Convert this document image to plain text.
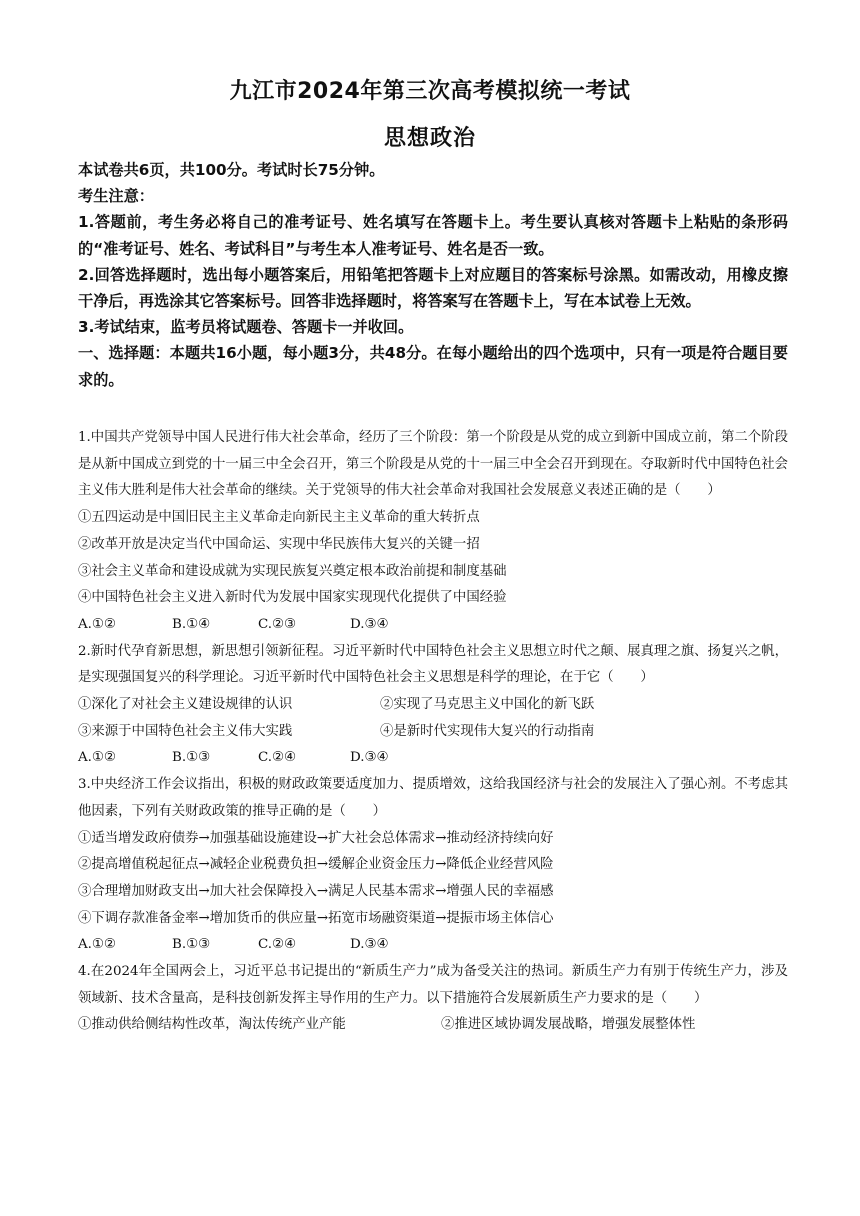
九江市2024年第三次高考模拟统一考试
思想政治

本试卷共6页，共100分。考试时长75分钟。

考生注意：

1.答题前，考生务必将自己的准考证号、姓名填写在答题卡上。考生要认真核对答题卡上粘贴的条形码的“准考证号、姓名、考试科目”与考生本人准考证号、姓名是否一致。

2.回答选择题时，选出每小题答案后，用铅笔把答题卡上对应题目的答案标号涂黑。如需改动，用橡皮擦干净后，再选涂其它答案标号。回答非选择题时，将答案写在答题卡上，写在本试卷上无效。

3.考试结束，监考员将试题卷、答题卡一并收回。

一、选择题：本题共16小题，每小题3分，共48分。在每小题给出的四个选项中，只有一项是符合题目要求的。

1.中国共产党领导中国人民进行伟大社会革命，经历了三个阶段：第一个阶段是从党的成立到新中国成立前，第二个阶段是从新中国成立到党的十一届三中全会召开，第三个阶段是从党的十一届三中全会召开到现在。夺取新时代中国特色社会主义伟大胜利是伟大社会革命的继续。关于党领导的伟大社会革命对我国社会发展意义表述正确的是（　　）

①五四运动是中国旧民主主义革命走向新民主主义革命的重大转折点

②改革开放是决定当代中国命运、实现中华民族伟大复兴的关键一招

③社会主义革命和建设成就为实现民族复兴奠定根本政治前提和制度基础

④中国特色社会主义进入新时代为发展中国家实现现代化提供了中国经验

A.①②	B.①④	C.②③	D.③④

2.新时代孕育新思想，新思想引领新征程。习近平新时代中国特色社会主义思想立时代之颠、展真理之旗、扬复兴之帆，是实现强国复兴的科学理论。习近平新时代中国特色社会主义思想是科学的理论，在于它（　　）

①深化了对社会主义建设规律的认识	②实现了马克思主义中国化的新飞跃

③来源于中国特色社会主义伟大实践	④是新时代实现伟大复兴的行动指南

A.①②	B.①③	C.②④	D.③④

3.中央经济工作会议指出，积极的财政政策要适度加力、提质增效，这给我国经济与社会的发展注入了强心剂。不考虑其他因素，下列有关财政政策的推导正确的是（　　）

①适当增发政府债券→加强基础设施建设→扩大社会总体需求→推动经济持续向好

②提高增值税起征点→减轻企业税费负担→缓解企业资金压力→降低企业经营风险

③合理增加财政支出→加大社会保障投入→满足人民基本需求→增强人民的幸福感

④下调存款准备金率→增加货币的供应量→拓宽市场融资渠道→提振市场主体信心

A.①②	B.①③	C.②④	D.③④

4.在2024年全国两会上，习近平总书记提出的“新质生产力”成为备受关注的热词。新质生产力有别于传统生产力，涉及领域新、技术含量高，是科技创新发挥主导作用的生产力。以下措施符合发展新质生产力要求的是（　　）

①推动供给侧结构性改革，淘汰传统产业产能	②推进区域协调发展战略，增强发展整体性
